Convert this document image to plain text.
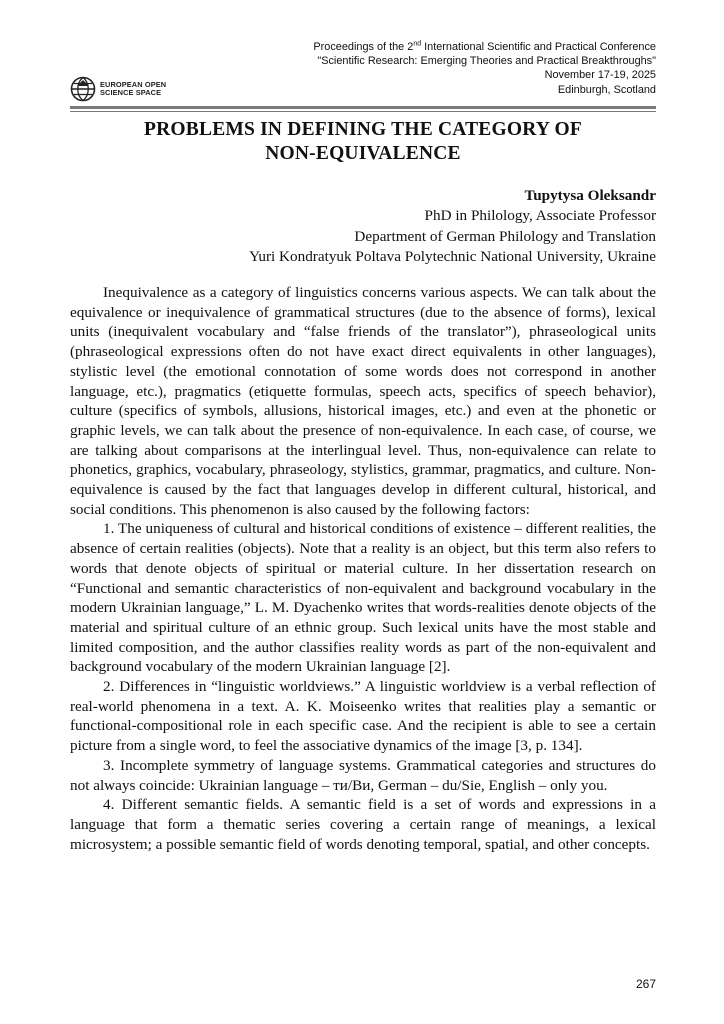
EUROPEAN OPEN
SCIENCE SPACE
Proceedings of the 2nd International Scientific and Practical Conference
"Scientific Research: Emerging Theories and Practical Breakthroughs"
November 17-19, 2025
Edinburgh, Scotland
PROBLEMS IN DEFINING THE CATEGORY OF
NON-EQUIVALENCE
Tupytysa Oleksandr
PhD in Philology, Associate Professor
Department of German Philology and Translation
Yuri Kondratyuk Poltava Polytechnic National University, Ukraine

Inequivalence as a category of linguistics concerns various aspects. We can talk about the equivalence or inequivalence of grammatical structures (due to the absence of forms), lexical units (inequivalent vocabulary and “false friends of the translator”), phraseological units (phraseological expressions often do not have exact direct equivalents in other languages), stylistic level (the emotional connotation of some words does not correspond in another language, etc.), pragmatics (etiquette formulas, speech acts, specifics of speech behavior), culture (specifics of symbols, allusions, historical images, etc.) and even at the phonetic or graphic levels, we can talk about the presence of non-equivalence. In each case, of course, we are talking about comparisons at the interlingual level. Thus, non-equivalence can relate to phonetics, graphics, vocabulary, phraseology, stylistics, grammar, pragmatics, and culture. Non-equivalence is caused by the fact that languages develop in different cultural, historical, and social conditions. This phenomenon is also caused by the following factors:

1. The uniqueness of cultural and historical conditions of existence – different realities, the absence of certain realities (objects). Note that a reality is an object, but this term also refers to words that denote objects of spiritual or material culture. In her dissertation research on “Functional and semantic characteristics of non-equivalent and background vocabulary in the modern Ukrainian language,” L. M. Dyachenko writes that words-realities denote objects of the material and spiritual culture of an ethnic group. Such lexical units have the most stable and limited composition, and the author classifies reality words as part of the non-equivalent and background vocabulary of the modern Ukrainian language [2].

2. Differences in “linguistic worldviews.” A linguistic worldview is a verbal reflection of real-world phenomena in a text. A. K. Moiseenko writes that realities play a semantic or functional-compositional role in each specific case. And the recipient is able to see a certain picture from a single word, to feel the associative dynamics of the image [3, p. 134].

3. Incomplete symmetry of language systems. Grammatical categories and structures do not always coincide: Ukrainian language – ти/Ви, German – du/Sie, English – only you.

4. Different semantic fields. A semantic field is a set of words and expressions in a language that form a thematic series covering a certain range of meanings, a lexical microsystem; a possible semantic field of words denoting temporal, spatial, and other concepts.

267
